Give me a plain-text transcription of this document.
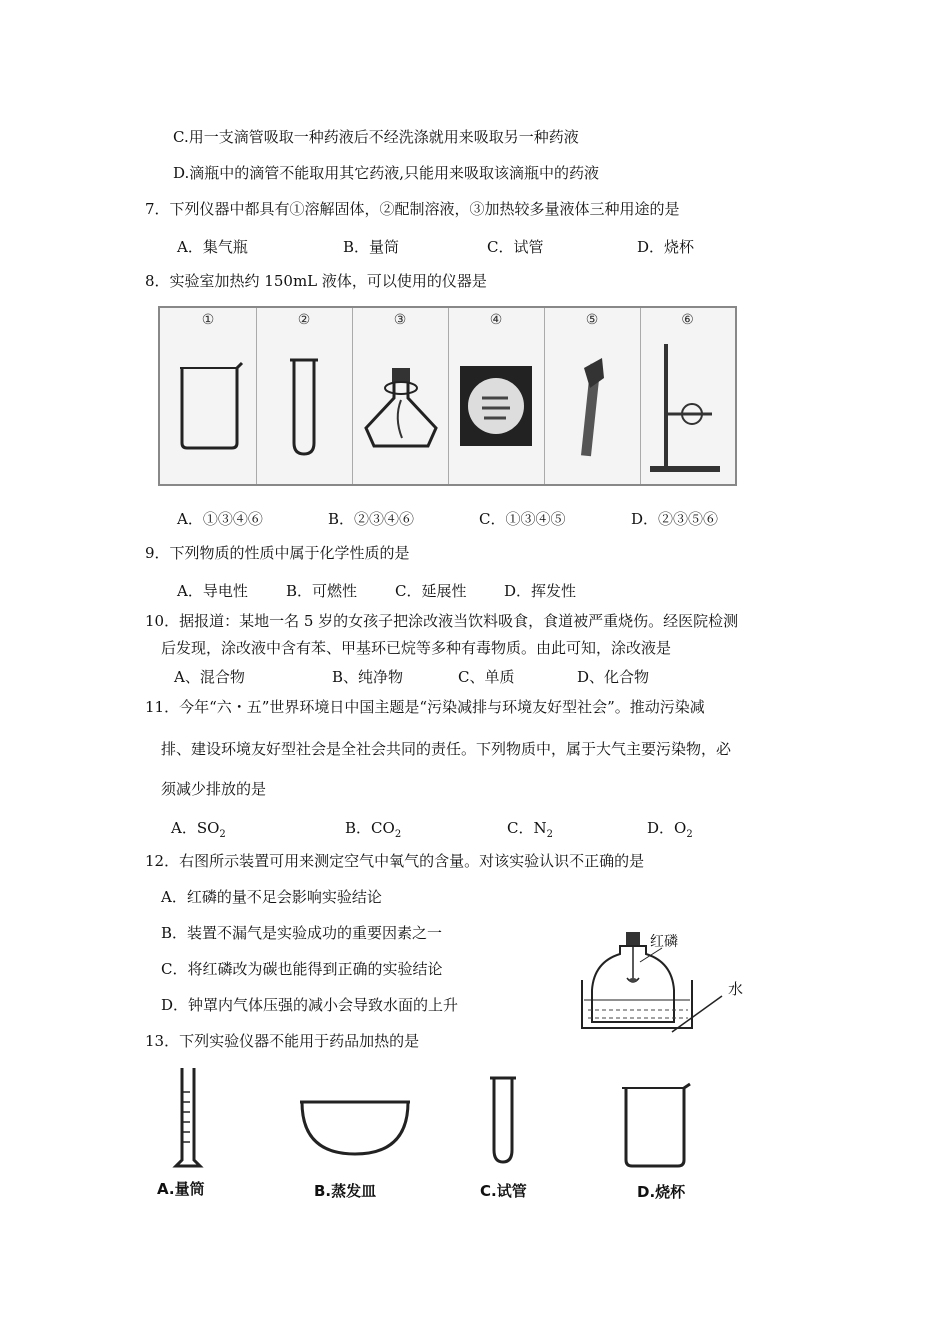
C.用一支滴管吸取一种药液后不经洗涤就用来吸取另一种药液
D.滴瓶中的滴管不能取用其它药液,只能用来吸取该滴瓶中的药液
7．下列仪器中都具有①溶解固体，②配制溶液，③加热较多量液体三种用途的是
A．集气瓶	B．量筒	C．试管	D．烧杯
8．实验室加热约 150mL 液体，可以使用的仪器是
①	②	③	④	⑤	⑥
A．①③④⑥	B．②③④⑥	C．①③④⑤	D．②③⑤⑥
9．下列物质的性质中属于化学性质的是
A．导电性	B．可燃性	C．延展性	D．挥发性
10．据报道：某地一名 5 岁的女孩子把涂改液当饮料吸食，食道被严重烧伤。经医院检测
后发现，涂改液中含有苯、甲基环已烷等多种有毒物质。由此可知，涂改液是
A、混合物	B、纯净物	C、单质	D、化合物
11．今年“六・五”世界环境日中国主题是“污染减排与环境友好型社会”。推动污染减
排、建设环境友好型社会是全社会共同的责任。下列物质中，属于大气主要污染物，必
须减少排放的是
A．$SO_2$	B．$CO_2$	C．$N_2$	D．$O_2$
12．右图所示装置可用来测定空气中氧气的含量。对该实验认识不正确的是
A．红磷的量不足会影响实验结论
B．装置不漏气是实验成功的重要因素之一
C．将红磷改为碳也能得到正确的实验结论
D．钟罩内气体压强的减小会导致水面的上升
红磷
水
13．下列实验仪器不能用于药品加热的是
A.量筒	B.蒸发皿	C.试管	D.烧杯
